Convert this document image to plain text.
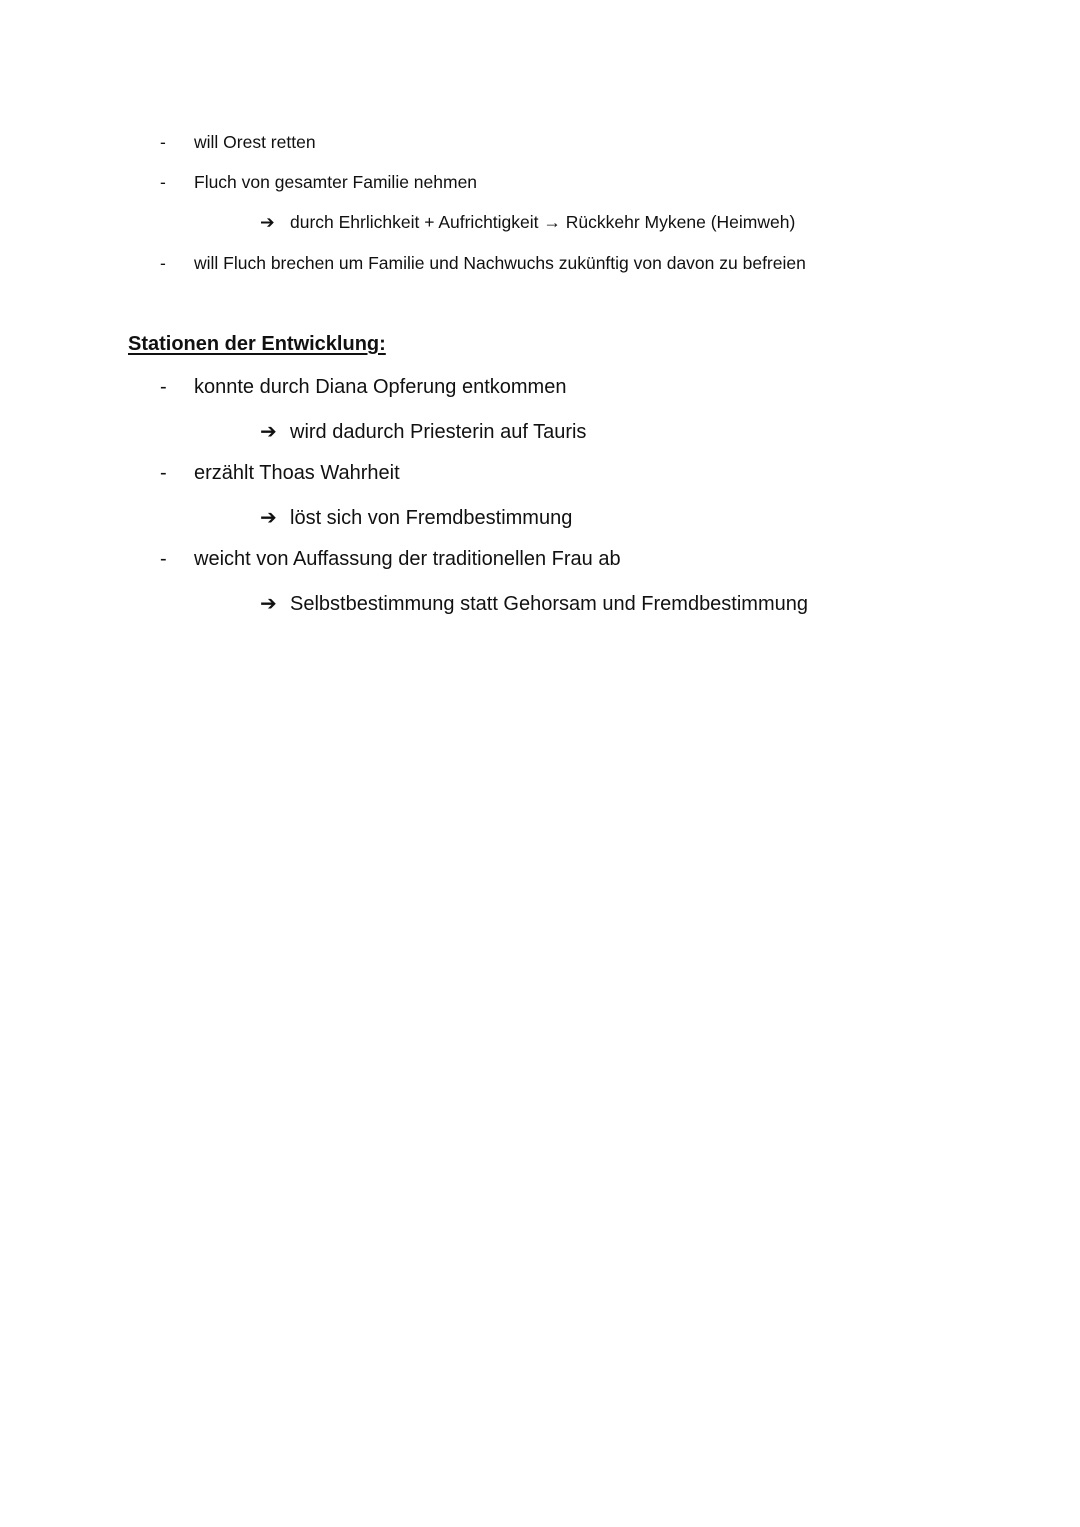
- will Orest retten
- Fluch von gesamter Familie nehmen
➔ durch Ehrlichkeit + Aufrichtigkeit → Rückkehr Mykene (Heimweh)
- will Fluch brechen um Familie und Nachwuchs zukünftig von davon zu befreien
Stationen der Entwicklung:
- konnte durch Diana Opferung entkommen
➔ wird dadurch Priesterin auf Tauris
- erzählt Thoas Wahrheit
➔ löst sich von Fremdbestimmung
- weicht von Auffassung der traditionellen Frau ab
➔ Selbstbestimmung statt Gehorsam und Fremdbestimmung
